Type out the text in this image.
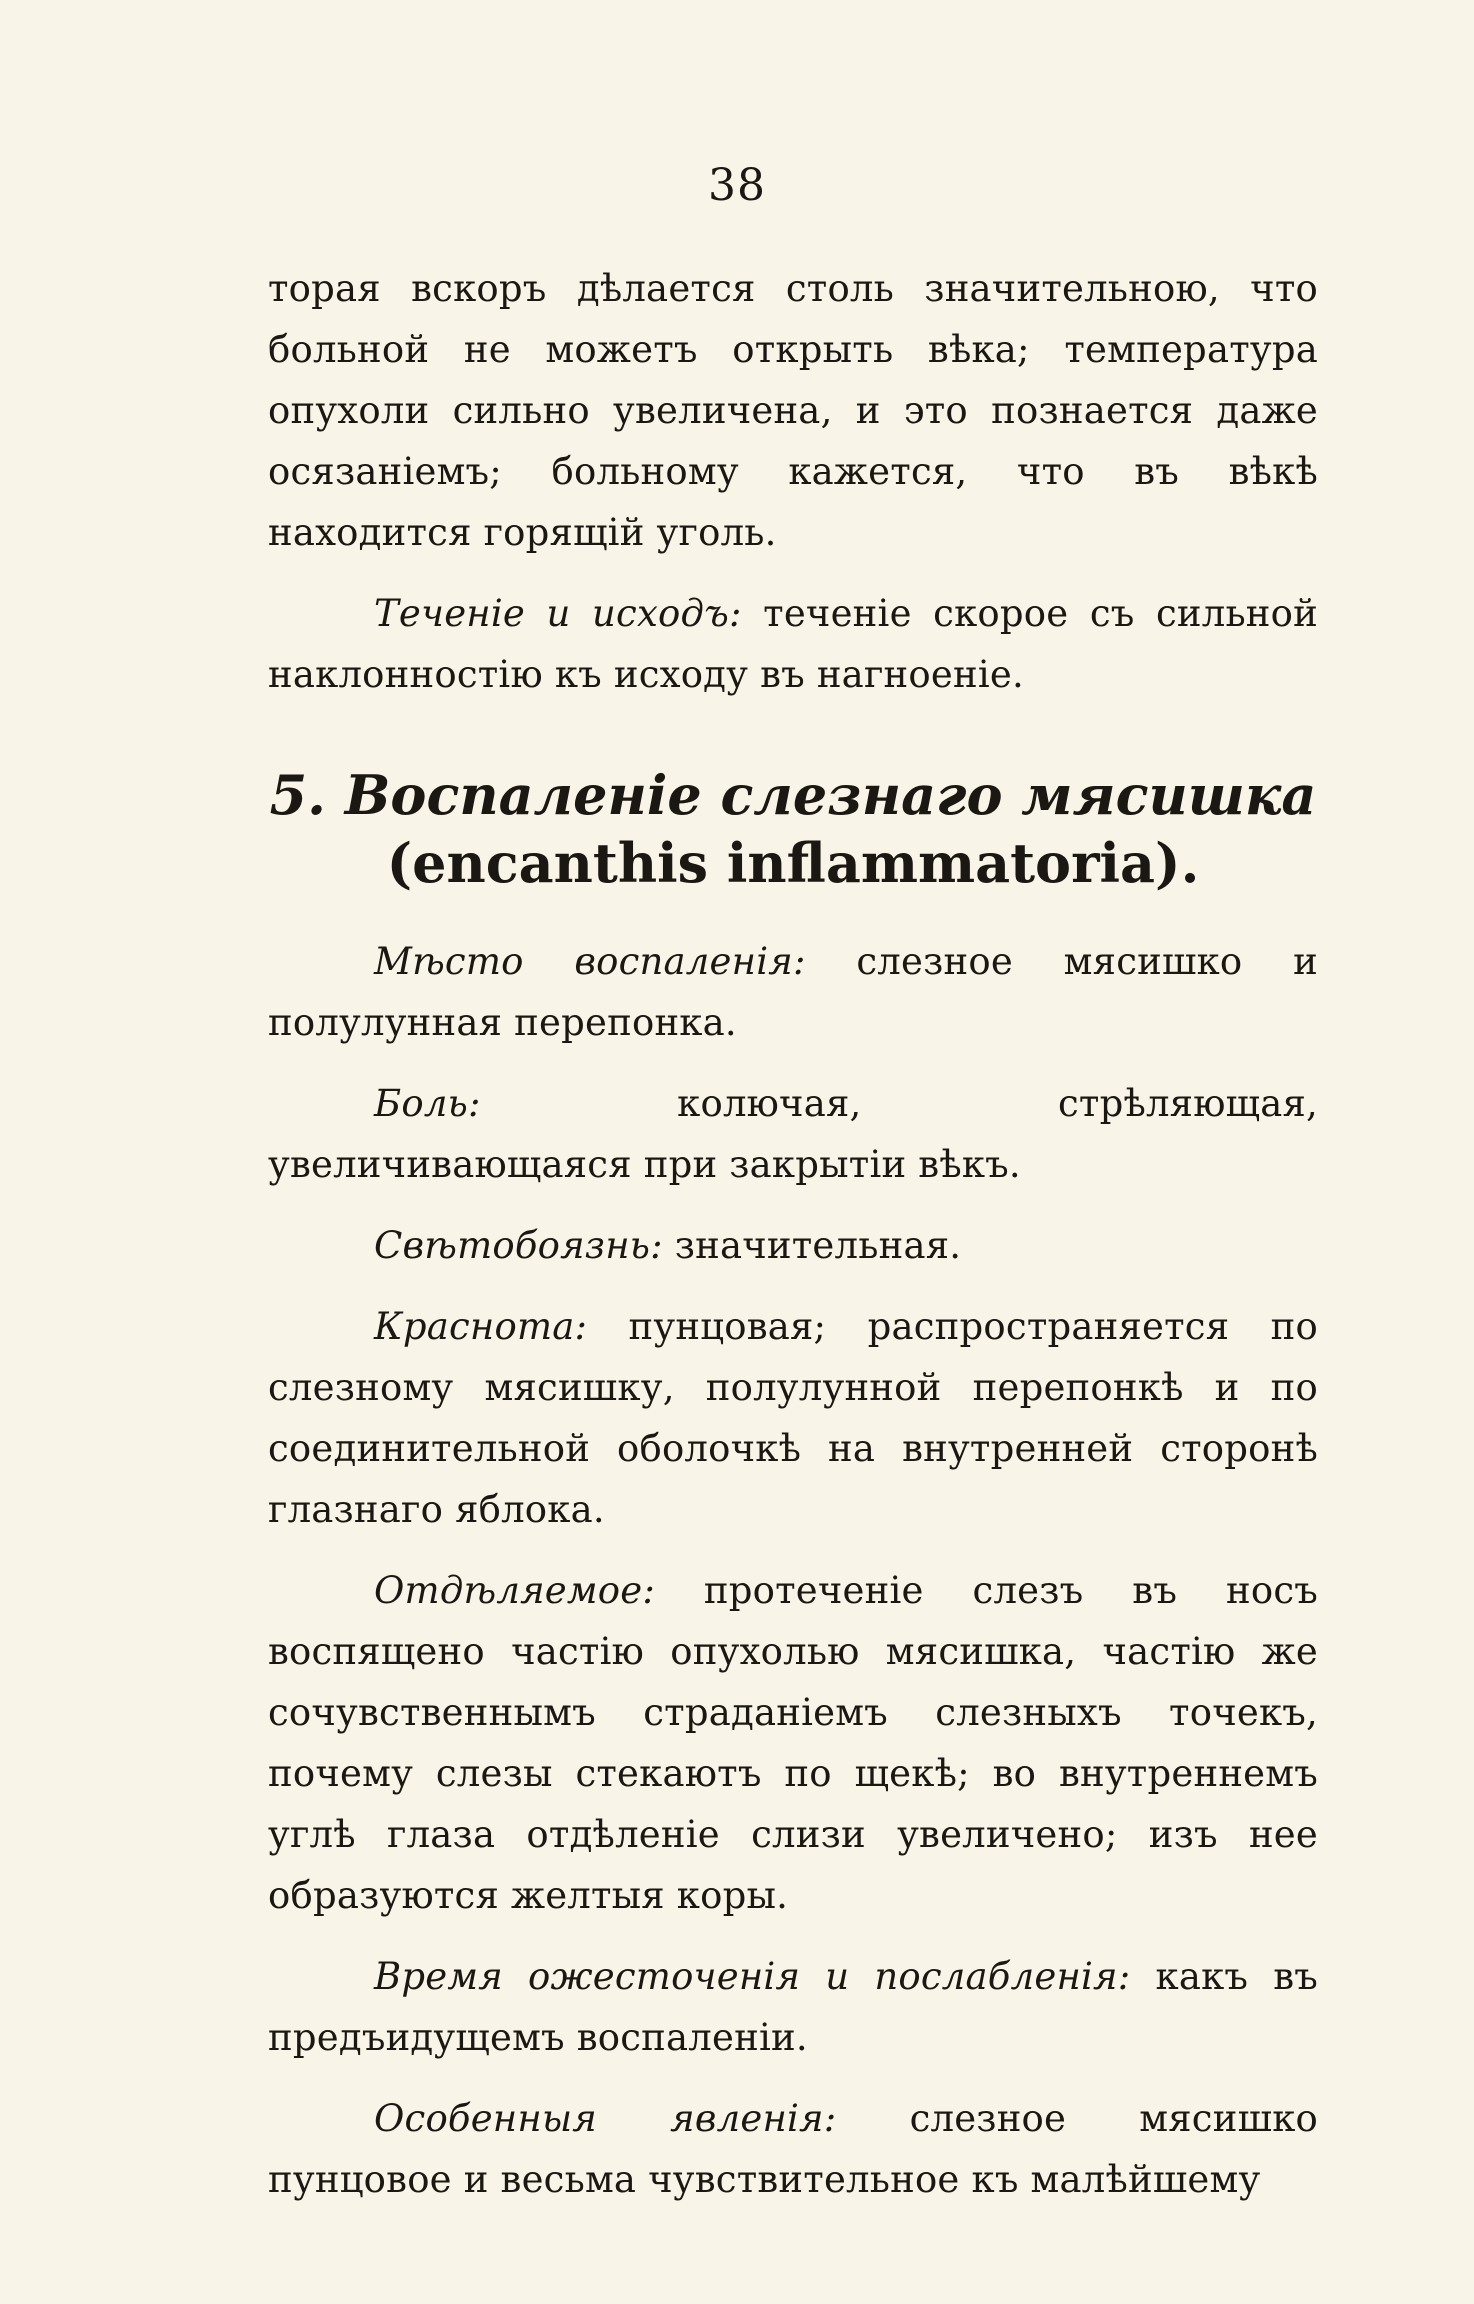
38

торая вскоръ дѣлается столь значительною, что больной не можетъ открыть вѣка; температура опухоли сильно увеличена, и это познается даже осязаніемъ; больному кажется, что въ вѣкѣ находится горящій уголь.

Теченіе и исходъ: теченіе скорое съ сильной наклонностію къ исходу въ нагноеніе.

5. Воспаленіе слезнаго мясишка (encanthis inflammatoria).

Мѣсто воспаленія: слезное мясишко и полулунная перепонка.

Боль: колючая, стрѣляющая, увеличивающаяся при закрытіи вѣкъ.

Свѣтобоязнь: значительная.

Краснота: пунцовая; распространяется по слезному мясишку, полулунной перепонкѣ и по соединительной оболочкѣ на внутренней сторонѣ глазнаго яблока.

Отдѣляемое: протеченіе слезъ въ носъ воспящено частію опухолью мясишка, частію же сочувственнымъ страданіемъ слезныхъ точекъ, почему слезы стекаютъ по щекѣ; во внутреннемъ углѣ глаза отдѣленіе слизи увеличено; изъ нее образуются желтыя коры.

Время ожесточенія и послабленія: какъ въ предъидущемъ воспаленіи.

Особенныя явленія: слезное мясишко пунцовое и весьма чувствительное къ малѣйшему
